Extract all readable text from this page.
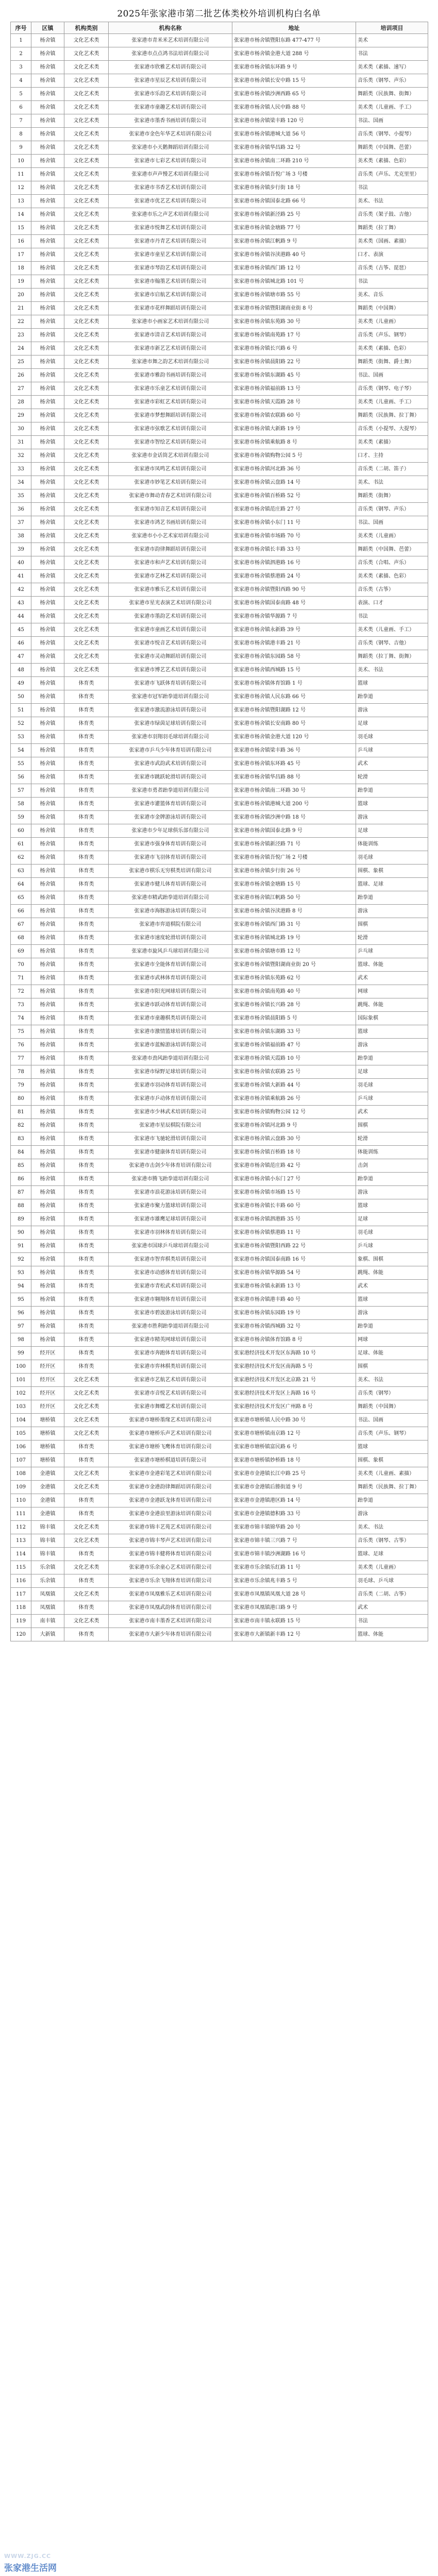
2025年张家港市第二批艺体类校外培训机构白名单
序号	区镇	机构类别	机构名称	地址	培训项目
1	杨舍镇	文化艺术类	张家港市青米米艺术培训有限公司	张家港市杨舍镇暨阳东路 477-477 号	美术
2	杨舍镇	文化艺术类	张家港市点点鸿书法培训有限公司	张家港市杨舍镇金港大道 288 号	书法
3	杨舍镇	文化艺术类	张家港市欣雅艺术培训有限公司	张家港市杨舍镇东环路 9 号	美术类（素描、速写）
4	杨舍镇	文化艺术类	张家港市星辰艺术培训有限公司	张家港市杨舍镇长安中路 15 号	音乐类（钢琴、声乐）
5	杨舍镇	文化艺术类	张家港市乐韵艺术培训有限公司	张家港市杨舍镇沙洲西路 65 号	舞蹈类（民族舞、街舞）
6	杨舍镇	文化艺术类	张家港市童趣艺术培训有限公司	张家港市杨舍镇人民中路 88 号	美术类（儿童画、手工）
7	杨舍镇	文化艺术类	张家港市墨香书画培训有限公司	张家港市杨舍镇梁丰路 120 号	书法、国画
8	杨舍镇	文化艺术类	张家港市金色年华艺术培训有限公司	张家港市杨舍镇港城大道 56 号	音乐类（钢琴、小提琴）
9	杨舍镇	文化艺术类	张家港市小天鹅舞蹈培训有限公司	张家港市杨舍镇华昌路 32 号	舞蹈类（中国舞、芭蕾）
10	杨舍镇	文化艺术类	张家港市七彩艺术培训有限公司	张家港市杨舍镇南二环路 210 号	美术类（素描、色彩）
11	杨舍镇	文化艺术类	张家港市声声慢艺术培训有限公司	张家港市杨舍镇吾悦广场 3 号楼	音乐类（声乐、尤克里里）
12	杨舍镇	文化艺术类	张家港市书香艺术培训有限公司	张家港市杨舍镇步行街 18 号	书法
13	杨舍镇	文化艺术类	张家港市优艺艺术培训有限公司	张家港市杨舍镇国泰北路 66 号	美术、书法
14	杨舍镇	文化艺术类	张家港市乐之声艺术培训有限公司	张家港市杨舍镇新泾路 25 号	音乐类（架子鼓、吉他）
15	杨舍镇	文化艺术类	张家港市悦舞艺术培训有限公司	张家港市杨舍镇金塘路 77 号	舞蹈类（拉丁舞）
16	杨舍镇	文化艺术类	张家港市丹青艺术培训有限公司	张家港市杨舍镇江帆路 9 号	美术类（国画、素描）
17	杨舍镇	文化艺术类	张家港市童星艺术培训有限公司	张家港市杨舍镇谷渎港路 40 号	口才、表演
18	杨舍镇	文化艺术类	张家港市琴韵艺术培训有限公司	张家港市杨舍镇西门路 12 号	音乐类（古筝、琵琶）
19	杨舍镇	文化艺术类	张家港市翰墨艺术培训有限公司	张家港市杨舍镇城北路 101 号	书法
20	杨舍镇	文化艺术类	张家港市启航艺术培训有限公司	张家港市杨舍镇塘市路 55 号	美术、音乐
21	杨舍镇	文化艺术类	张家港市花样舞蹈培训有限公司	张家港市杨舍镇暨阳湖商业街 8 号	舞蹈类（中国舞）
22	杨舍镇	文化艺术类	张家港市小画家艺术培训有限公司	张家港市杨舍镇东苑路 30 号	美术类（儿童画）
23	杨舍镇	文化艺术类	张家港市清音艺术培训有限公司	张家港市杨舍镇南苑路 17 号	音乐类（声乐、钢琴）
24	杨舍镇	文化艺术类	张家港市新艺艺术培训有限公司	张家港市杨舍镇长兴路 6 号	美术类（素描、色彩）
25	杨舍镇	文化艺术类	张家港市舞之韵艺术培训有限公司	张家港市杨舍镇晨阳路 22 号	舞蹈类（街舞、爵士舞）
26	杨舍镇	文化艺术类	张家港市雅韵书画培训有限公司	张家港市杨舍镇东湖路 45 号	书法、国画
27	杨舍镇	文化艺术类	张家港市乐童艺术培训有限公司	张家港市杨舍镇福前路 13 号	音乐类（钢琴、电子琴）
28	杨舍镇	文化艺术类	张家港市彩虹艺术培训有限公司	张家港市杨舍镇天霞路 28 号	美术类（儿童画、手工）
29	杨舍镇	文化艺术类	张家港市梦想舞蹈培训有限公司	张家港市杨舍镇农联路 60 号	舞蹈类（民族舞、拉丁舞）
30	杨舍镇	文化艺术类	张家港市弦歌艺术培训有限公司	张家港市杨舍镇大新路 19 号	音乐类（小提琴、大提琴）
31	杨舍镇	文化艺术类	张家港市智绘艺术培训有限公司	张家港市杨舍镇乘航路 8 号	美术类（素描）
32	杨舍镇	文化艺术类	张家港市金话筒艺术培训有限公司	张家港市杨舍镇购物公园 5 号	口才、主持
33	杨舍镇	文化艺术类	张家港市凤鸣艺术培训有限公司	张家港市杨舍镇河北路 36 号	音乐类（二胡、笛子）
34	杨舍镇	文化艺术类	张家港市妙笔艺术培训有限公司	张家港市杨舍镇云盘路 14 号	美术、书法
35	杨舍镇	文化艺术类	张家港市舞动青春艺术培训有限公司	张家港市杨舍镇百桥路 52 号	舞蹈类（街舞）
36	杨舍镇	文化艺术类	张家港市知音艺术培训有限公司	张家港市杨舍镇范庄路 27 号	音乐类（钢琴、声乐）
37	杨舍镇	文化艺术类	张家港市鸿艺书画培训有限公司	张家港市杨舍镇小东门 11 号	书法、国画
38	杨舍镇	文化艺术类	张家港市小小艺术家培训有限公司	张家港市杨舍镇市场路 70 号	美术类（儿童画）
39	杨舍镇	文化艺术类	张家港市韵律舞蹈培训有限公司	张家港市杨舍镇长丰路 33 号	舞蹈类（中国舞、芭蕾）
40	杨舍镇	文化艺术类	张家港市和声艺术培训有限公司	张家港市杨舍镇泗港路 16 号	音乐类（合唱、声乐）
41	杨舍镇	文化艺术类	张家港市艺林艺术培训有限公司	张家港市杨舍镇蔡港路 24 号	美术类（素描、色彩）
42	杨舍镇	文化艺术类	张家港市雅乐艺术培训有限公司	张家港市杨舍镇暨阳西路 90 号	音乐类（古筝）
43	杨舍镇	文化艺术类	张家港市星光表演艺术培训有限公司	张家港市杨舍镇国泰南路 48 号	表演、口才
44	杨舍镇	文化艺术类	张家港市墨韵艺术培训有限公司	张家港市杨舍镇华源路 7 号	书法
45	杨舍镇	文化艺术类	张家港市童画艺术培训有限公司	张家港市杨舍镇永新路 39 号	美术类（儿童画、手工）
46	杨舍镇	文化艺术类	张家港市悦音艺术培训有限公司	张家港市杨舍镇港丰路 21 号	音乐类（钢琴、吉他）
47	杨舍镇	文化艺术类	张家港市灵动舞蹈培训有限公司	张家港市杨舍镇东园路 58 号	舞蹈类（拉丁舞、街舞）
48	杨舍镇	文化艺术类	张家港市博艺艺术培训有限公司	张家港市杨舍镇西城路 15 号	美术、书法
49	杨舍镇	体育类	张家港市飞跃体育培训有限公司	张家港市杨舍镇体育馆路 1 号	篮球
50	杨舍镇	体育类	张家港市冠军跆拳道培训有限公司	张家港市杨舍镇人民东路 66 号	跆拳道
51	杨舍镇	体育类	张家港市激流游泳培训有限公司	张家港市杨舍镇暨阳湖路 12 号	游泳
52	杨舍镇	体育类	张家港市绿茵足球培训有限公司	张家港市杨舍镇长安南路 80 号	足球
53	杨舍镇	体育类	张家港市羽翔羽毛球培训有限公司	张家港市杨舍镇金港大道 120 号	羽毛球
54	杨舍镇	体育类	张家港市乒乓少年体育培训有限公司	张家港市杨舍镇梁丰路 36 号	乒乓球
55	杨舍镇	体育类	张家港市武韵武术培训有限公司	张家港市杨舍镇东环路 45 号	武术
56	杨舍镇	体育类	张家港市跳跃轮滑培训有限公司	张家港市杨舍镇华昌路 88 号	轮滑
57	杨舍镇	体育类	张家港市勇者跆拳道培训有限公司	张家港市杨舍镇南二环路 30 号	跆拳道
58	杨舍镇	体育类	张家港市灌篮体育培训有限公司	张家港市杨舍镇港城大道 200 号	篮球
59	杨舍镇	体育类	张家港市金牌游泳培训有限公司	张家港市杨舍镇沙洲中路 18 号	游泳
60	杨舍镇	体育类	张家港市少年足球俱乐部有限公司	张家港市杨舍镇国泰北路 9 号	足球
61	杨舍镇	体育类	张家港市强身体育培训有限公司	张家港市杨舍镇新泾路 71 号	体能训练
62	杨舍镇	体育类	张家港市飞羽体育培训有限公司	张家港市杨舍镇吾悦广场 2 号楼	羽毛球
63	杨舍镇	体育类	张家港市棋乐无穷棋类培训有限公司	张家港市杨舍镇步行街 26 号	围棋、象棋
64	杨舍镇	体育类	张家港市健儿体育培训有限公司	张家港市杨舍镇金塘路 15 号	篮球、足球
65	杨舍镇	体育类	张家港市精武跆拳道培训有限公司	张家港市杨舍镇江帆路 50 号	跆拳道
66	杨舍镇	体育类	张家港市海豚游泳培训有限公司	张家港市杨舍镇谷渎港路 8 号	游泳
67	杨舍镇	体育类	张家港市弈道棋院有限公司	张家港市杨舍镇西门路 31 号	围棋
68	杨舍镇	体育类	张家港市速度轮滑培训有限公司	张家港市杨舍镇城北路 19 号	轮滑
69	杨舍镇	体育类	张家港市旋风乒乓球培训有限公司	张家港市杨舍镇塘市路 12 号	乒乓球
70	杨舍镇	体育类	张家港市全能体育培训有限公司	张家港市杨舍镇暨阳湖商业街 20 号	篮球、体能
71	杨舍镇	体育类	张家港市武林体育培训有限公司	张家港市杨舍镇东苑路 62 号	武术
72	杨舍镇	体育类	张家港市阳光网球培训有限公司	张家港市杨舍镇南苑路 40 号	网球
73	杨舍镇	体育类	张家港市跃动体育培训有限公司	张家港市杨舍镇长兴路 28 号	跳绳、体能
74	杨舍镇	体育类	张家港市童趣棋类培训有限公司	张家港市杨舍镇晨阳路 5 号	国际象棋
75	杨舍镇	体育类	张家港市激情篮球培训有限公司	张家港市杨舍镇东湖路 33 号	篮球
76	杨舍镇	体育类	张家港市蓝鲸游泳培训有限公司	张家港市杨舍镇福前路 47 号	游泳
77	杨舍镇	体育类	张家港市劲风跆拳道培训有限公司	张家港市杨舍镇天霞路 10 号	跆拳道
78	杨舍镇	体育类	张家港市绿野足球培训有限公司	张家港市杨舍镇农联路 25 号	足球
79	杨舍镇	体育类	张家港市羽动体育培训有限公司	张家港市杨舍镇大新路 44 号	羽毛球
80	杨舍镇	体育类	张家港市乒动体育培训有限公司	张家港市杨舍镇乘航路 26 号	乒乓球
81	杨舍镇	体育类	张家港市少林武术培训有限公司	张家港市杨舍镇购物公园 12 号	武术
82	杨舍镇	体育类	张家港市星辰棋院有限公司	张家港市杨舍镇河北路 9 号	围棋
83	杨舍镇	体育类	张家港市飞驰轮滑培训有限公司	张家港市杨舍镇云盘路 30 号	轮滑
84	杨舍镇	体育类	张家港市健康体育培训有限公司	张家港市杨舍镇百桥路 18 号	体能训练
85	杨舍镇	体育类	张家港市击剑少年体育培训有限公司	张家港市杨舍镇范庄路 42 号	击剑
86	杨舍镇	体育类	张家港市腾飞跆拳道培训有限公司	张家港市杨舍镇小东门 27 号	跆拳道
87	杨舍镇	体育类	张家港市浪花游泳培训有限公司	张家港市杨舍镇市场路 15 号	游泳
88	杨舍镇	体育类	张家港市聚力篮球培训有限公司	张家港市杨舍镇长丰路 60 号	篮球
89	杨舍镇	体育类	张家港市雄鹰足球培训有限公司	张家港市杨舍镇泗港路 35 号	足球
90	杨舍镇	体育类	张家港市羽林体育培训有限公司	张家港市杨舍镇蔡港路 11 号	羽毛球
91	杨舍镇	体育类	张家港市国球乒乓球培训有限公司	张家港市杨舍镇暨阳西路 22 号	乒乓球
92	杨舍镇	体育类	张家港市智弈棋类培训有限公司	张家港市杨舍镇国泰南路 16 号	象棋、围棋
93	杨舍镇	体育类	张家港市动感体育培训有限公司	张家港市杨舍镇华源路 54 号	跳绳、体能
94	杨舍镇	体育类	张家港市青松武术培训有限公司	张家港市杨舍镇永新路 13 号	武术
95	杨舍镇	体育类	张家港市翱翔体育培训有限公司	张家港市杨舍镇港丰路 40 号	篮球
96	杨舍镇	体育类	张家港市碧波游泳培训有限公司	张家港市杨舍镇东园路 19 号	游泳
97	杨舍镇	体育类	张家港市胜利跆拳道培训有限公司	张家港市杨舍镇西城路 32 号	跆拳道
98	杨舍镇	体育类	张家港市精英网球培训有限公司	张家港市杨舍镇体育馆路 8 号	网球
99	经开区	体育类	张家港市奔跑体育培训有限公司	张家港经济技术开发区东海路 10 号	足球、体能
100	经开区	体育类	张家港市弈林棋类培训有限公司	张家港经济技术开发区南海路 5 号	围棋
101	经开区	文化艺术类	张家港市艺航艺术培训有限公司	张家港经济技术开发区北京路 21 号	美术、书法
102	经开区	文化艺术类	张家港市音悦艺术培训有限公司	张家港经济技术开发区上海路 16 号	音乐类（钢琴）
103	经开区	文化艺术类	张家港市舞蝶艺术培训有限公司	张家港经济技术开发区广州路 8 号	舞蹈类（中国舞）
104	塘桥镇	文化艺术类	张家港市塘桥墨缘艺术培训有限公司	张家港市塘桥镇人民中路 30 号	书法、国画
105	塘桥镇	文化艺术类	张家港市塘桥乐声艺术培训有限公司	张家港市塘桥镇南京路 12 号	音乐类（声乐、钢琴）
106	塘桥镇	体育类	张家港市塘桥飞鹰体育培训有限公司	张家港市塘桥镇富民路 6 号	篮球
107	塘桥镇	体育类	张家港市塘桥棋道培训有限公司	张家港市塘桥镇妙桥路 18 号	围棋、象棋
108	金港镇	文化艺术类	张家港市金港彩笔艺术培训有限公司	张家港市金港镇长江中路 25 号	美术类（儿童画、素描）
109	金港镇	文化艺术类	张家港市金港韵律舞蹈培训有限公司	张家港市金港镇后塍街道 9 号	舞蹈类（民族舞、拉丁舞）
110	金港镇	体育类	张家港市金港跃龙体育培训有限公司	张家港市金港镇港区路 14 号	跆拳道
111	金港镇	体育类	张家港市金港浪里游泳培训有限公司	张家港市金港镇德积路 33 号	游泳
112	锦丰镇	文化艺术类	张家港市锦丰艺苑艺术培训有限公司	张家港市锦丰镇锦华路 20 号	美术、书法
113	锦丰镇	文化艺术类	张家港市锦丰琴声艺术培训有限公司	张家港市锦丰镇三兴路 7 号	音乐类（钢琴、古筝）
114	锦丰镇	体育类	张家港市锦丰健将体育培训有限公司	张家港市锦丰镇沙洲湖路 16 号	篮球、足球
115	乐余镇	文化艺术类	张家港市乐余童心艺术培训有限公司	张家港市乐余镇乐红路 11 号	美术类（儿童画）
116	乐余镇	体育类	张家港市乐余飞翔体育培训有限公司	张家港市乐余镇兆丰路 5 号	羽毛球、乒乓球
117	凤凰镇	文化艺术类	张家港市凤凰雅乐艺术培训有限公司	张家港市凤凰镇凤凰大道 28 号	音乐类（二胡、古筝）
118	凤凰镇	体育类	张家港市凤凰武韵体育培训有限公司	张家港市凤凰镇港口路 9 号	武术
119	南丰镇	文化艺术类	张家港市南丰墨香艺术培训有限公司	张家港市南丰镇永联路 15 号	书法
120	大新镇	体育类	张家港市大新少年体育培训有限公司	张家港市大新镇新丰路 12 号	篮球、体能
WWW.ZJG.CC
张家港生活网
